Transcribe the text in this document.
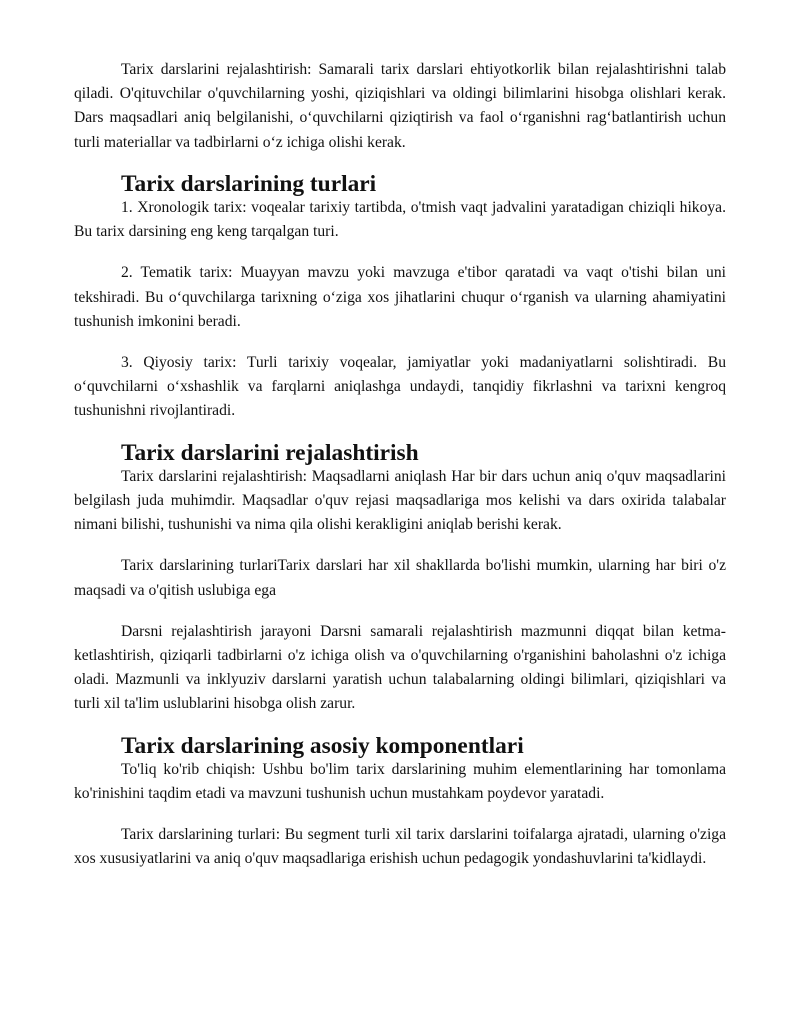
Tarix darslarini rejalashtirish: Samarali tarix darslari ehtiyotkorlik bilan rejalashtirishni talab qiladi. O'qituvchilar o'quvchilarning yoshi, qiziqishlari va oldingi bilimlarini hisobga olishlari kerak. Dars maqsadlari aniq belgilanishi, o‘quvchilarni qiziqtirish va faol o‘rganishni rag‘batlantirish uchun turli materiallar va tadbirlarni o‘z ichiga olishi kerak.

Tarix darslarining turlari

1. Xronologik tarix: voqealar tarixiy tartibda, o'tmish vaqt jadvalini yaratadigan chiziqli hikoya. Bu tarix darsining eng keng tarqalgan turi.

2. Tematik tarix: Muayyan mavzu yoki mavzuga e'tibor qaratadi va vaqt o'tishi bilan uni tekshiradi. Bu o‘quvchilarga tarixning o‘ziga xos jihatlarini chuqur o‘rganish va ularning ahamiyatini tushunish imkonini beradi.

3. Qiyosiy tarix: Turli tarixiy voqealar, jamiyatlar yoki madaniyatlarni solishtiradi. Bu o‘quvchilarni o‘xshashlik va farqlarni aniqlashga undaydi, tanqidiy fikrlashni va tarixni kengroq tushunishni rivojlantiradi.

Tarix darslarini rejalashtirish

Tarix darslarini rejalashtirish: Maqsadlarni aniqlash Har bir dars uchun aniq o'quv maqsadlarini belgilash juda muhimdir. Maqsadlar o'quv rejasi maqsadlariga mos kelishi va dars oxirida talabalar nimani bilishi, tushunishi va nima qila olishi kerakligini aniqlab berishi kerak.

Tarix darslarining turlariTarix darslari har xil shakllarda bo'lishi mumkin, ularning har biri o'z maqsadi va o'qitish uslubiga ega

Darsni rejalashtirish jarayoni Darsni samarali rejalashtirish mazmunni diqqat bilan ketma-ketlashtirish, qiziqarli tadbirlarni o'z ichiga olish va o'quvchilarning o'rganishini baholashni o'z ichiga oladi. Mazmunli va inklyuziv darslarni yaratish uchun talabalarning oldingi bilimlari, qiziqishlari va turli xil ta'lim uslublarini hisobga olish zarur.

Tarix darslarining asosiy komponentlari

To'liq ko'rib chiqish: Ushbu bo'lim tarix darslarining muhim elementlarining har tomonlama ko'rinishini taqdim etadi va mavzuni tushunish uchun mustahkam poydevor yaratadi.

Tarix darslarining turlari: Bu segment turli xil tarix darslarini toifalarga ajratadi, ularning o'ziga xos xususiyatlarini va aniq o'quv maqsadlariga erishish uchun pedagogik yondashuvlarini ta'kidlaydi.
